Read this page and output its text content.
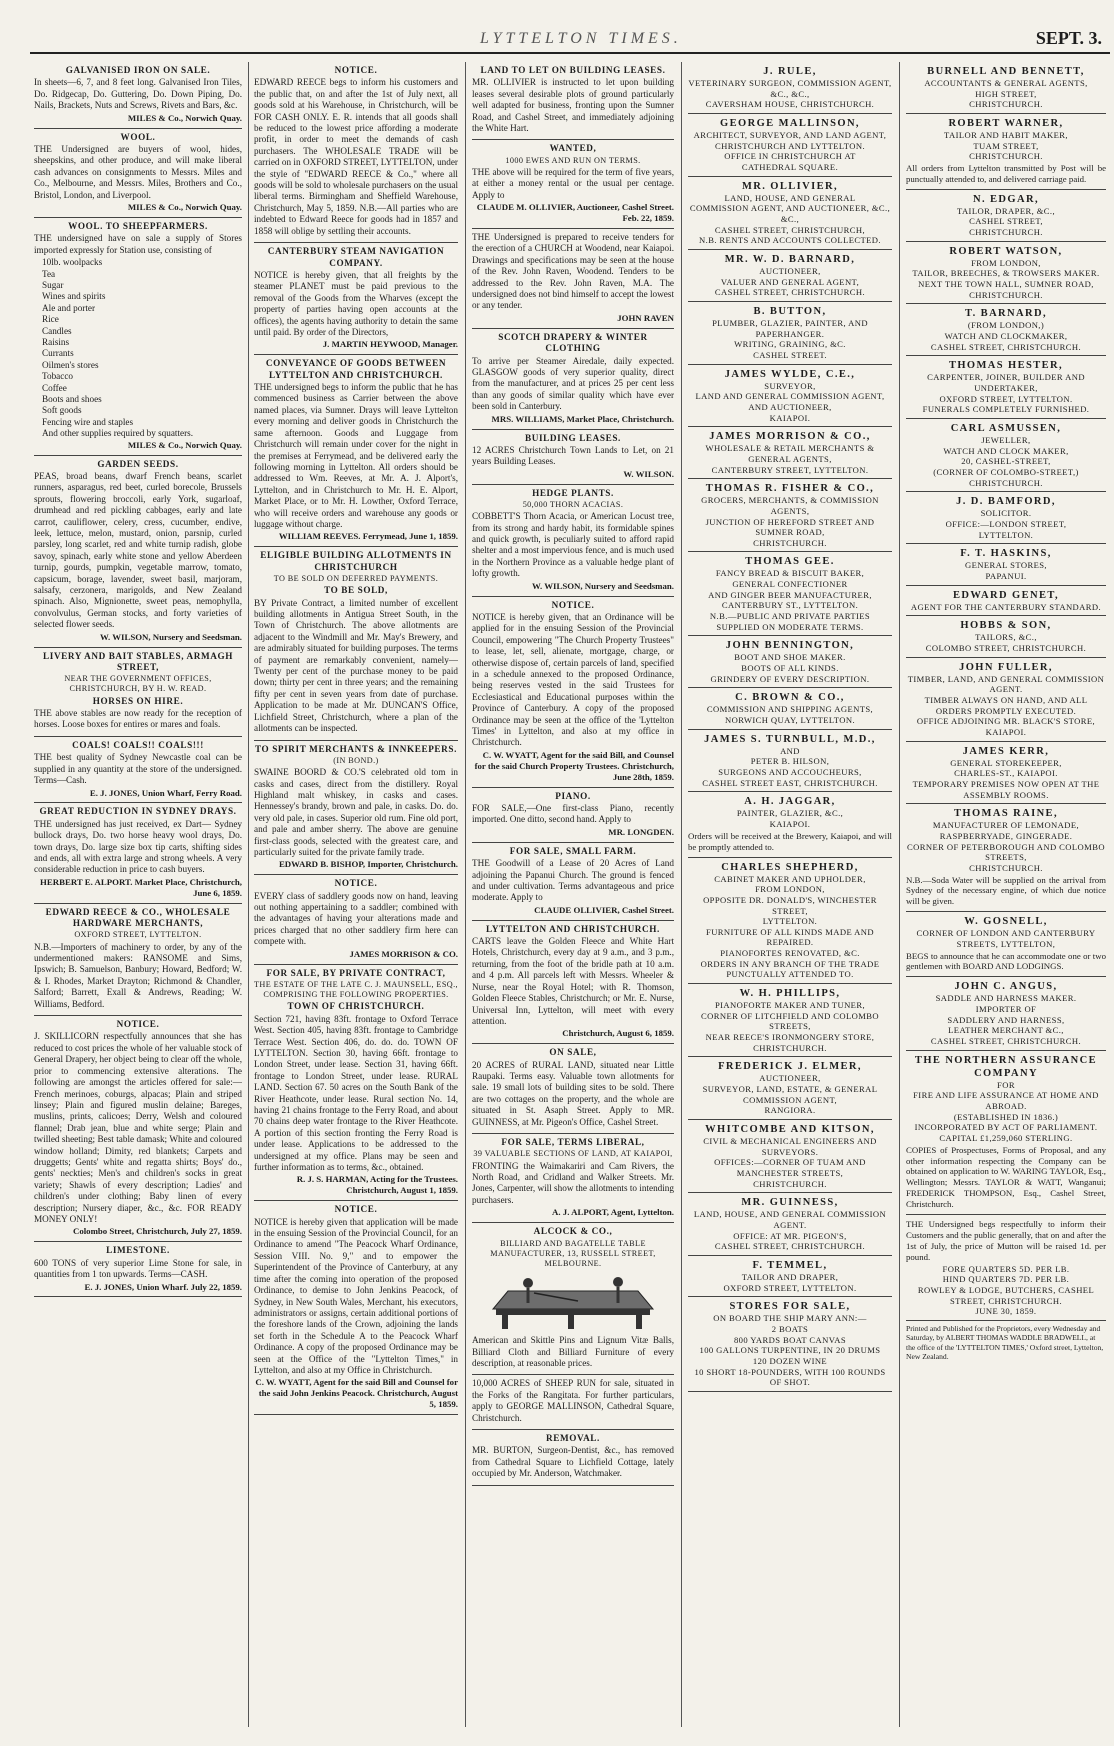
LYTTELTON TIMES.	SEPT. 3.
GALVANISED IRON ON SALE.
In sheets—6, 7, and 8 feet long. Galvanised Iron Tiles, Do. Ridgecap, Do. Guttering, Do. Down Piping, Do. Nails, Brackets, Nuts and Screws, Rivets and Bars, &c.
MILES & Co., Norwich Quay.
WOOL.
THE Undersigned are buyers of wool, hides, sheepskins, and other produce, and will make liberal cash advances on consignments to Messrs. Miles and Co., Melbourne, and Messrs. Miles, Brothers and Co., Bristol, London, and Liverpool.
MILES & Co., Norwich Quay.
WOOL. TO SHEEPFARMERS.
THE undersigned have on sale a supply of Stores imported expressly for Station use, consisting of
10lb. woolpacks
Tea
Sugar
Wines and spirits
Ale and porter
Rice
Candles
Raisins
Currants
Oilmen's stores
Tobacco
Coffee
Boots and shoes
Soft goods
Fencing wire and staples
And other supplies required by squatters.
MILES & Co., Norwich Quay.
GARDEN SEEDS.
PEAS, broad beans, dwarf French beans, scarlet runners, asparagus, red beet, curled borecole, Brussels sprouts, flowering broccoli, early York, sugarloaf, drumhead and red pickling cabbages, early and late carrot, cauliflower, celery, cress, cucumber, endive, leek, lettuce, melon, mustard, onion, parsnip, curled parsley, long scarlet, red and white turnip radish, globe savoy, spinach, early white stone and yellow Aberdeen turnip, gourds, pumpkin, vegetable marrow, tomato, capsicum, borage, lavender, sweet basil, marjoram, salsafy, cerzonera, marigolds, and New Zealand spinach. Also, Mignionette, sweet peas, nemophylla, convolvulus, German stocks, and forty varieties of selected flower seeds.
W. WILSON, Nursery and Seedsman.
LIVERY AND BAIT STABLES, ARMAGH STREET,
NEAR THE GOVERNMENT OFFICES, CHRISTCHURCH, BY H. W. READ.
HORSES ON HIRE.
THE above stables are now ready for the reception of horses. Loose boxes for entires or mares and foals.
COALS! COALS!! COALS!!!
THE best quality of Sydney Newcastle coal can be supplied in any quantity at the store of the undersigned. Terms—Cash.
E. J. JONES, Union Wharf, Ferry Road.
GREAT REDUCTION IN SYDNEY DRAYS.
THE undersigned has just received, ex Dart— Sydney bullock drays, Do. two horse heavy wool drays, Do. town drays, Do. large size box tip carts, shifting sides and ends, all with extra large and strong wheels. A very considerable reduction in price to cash buyers.
HERBERT E. ALPORT. Market Place, Christchurch, June 6, 1859.
EDWARD REECE & CO., WHOLESALE HARDWARE MERCHANTS,
OXFORD STREET, LYTTELTON.
N.B.—Importers of machinery to order, by any of the undermentioned makers: RANSOME and Sims, Ipswich; B. Samuelson, Banbury; Howard, Bedford; W. & I. Rhodes, Market Drayton; Richmond & Chandler, Salford; Barrett, Exall & Andrews, Reading; W. Williams, Bedford.
NOTICE.
J. SKILLICORN respectfully announces that she has reduced to cost prices the whole of her valuable stock of General Drapery, her object being to clear off the whole, prior to commencing extensive alterations. The following are amongst the articles offered for sale:— French merinoes, coburgs, alpacas; Plain and striped linsey; Plain and figured muslin delaine; Bareges, muslins, prints, calicoes; Derry, Welsh and coloured flannel; Drab jean, blue and white serge; Plain and twilled sheeting; Best table damask; White and coloured window holland; Dimity, red blankets; Carpets and druggetts; Gents' white and regatta shirts; Boys' do., gents' neckties; Men's and children's socks in great variety; Shawls of every description; Ladies' and children's under clothing; Baby linen of every description; Nursery diaper, &c., &c. FOR READY MONEY ONLY!
Colombo Street, Christchurch, July 27, 1859.
LIMESTONE.
600 TONS of very superior Lime Stone for sale, in quantities from 1 ton upwards. Terms—CASH.
E. J. JONES, Union Wharf. July 22, 1859.
NOTICE.
EDWARD REECE begs to inform his customers and the public that, on and after the 1st of July next, all goods sold at his Warehouse, in Christchurch, will be FOR CASH ONLY. E. R. intends that all goods shall be reduced to the lowest price affording a moderate profit, in order to meet the demands of cash purchasers. The WHOLESALE TRADE will be carried on in OXFORD STREET, LYTTELTON, under the style of "EDWARD REECE & Co.," where all goods will be sold to wholesale purchasers on the usual liberal terms. Birmingham and Sheffield Warehouse, Christchurch, May 5, 1859. N.B.—All parties who are indebted to Edward Reece for goods had in 1857 and 1858 will oblige by settling their accounts.
CANTERBURY STEAM NAVIGATION COMPANY.
NOTICE is hereby given, that all freights by the steamer PLANET must be paid previous to the removal of the Goods from the Wharves (except the property of parties having open accounts at the offices), the agents having authority to detain the same until paid. By order of the Directors,
J. MARTIN HEYWOOD, Manager.
CONVEYANCE OF GOODS BETWEEN LYTTELTON AND CHRISTCHURCH.
THE undersigned begs to inform the public that he has commenced business as Carrier between the above named places, via Sumner. Drays will leave Lyttelton every morning and deliver goods in Christchurch the same afternoon. Goods and Luggage from Christchurch will remain under cover for the night in the premises at Ferrymead, and be delivered early the following morning in Lyttelton. All orders should be addressed to Wm. Reeves, at Mr. A. J. Alport's, Lyttelton, and in Christchurch to Mr. H. E. Alport, Market Place, or to Mr. H. Lowther, Oxford Terrace, who will receive orders and warehouse any goods or luggage without charge.
WILLIAM REEVES. Ferrymead, June 1, 1859.
ELIGIBLE BUILDING ALLOTMENTS IN CHRISTCHURCH
TO BE SOLD ON DEFERRED PAYMENTS.
TO BE SOLD,
BY Private Contract, a limited number of excellent building allotments in Antigua Street South, in the Town of Christchurch. The above allotments are adjacent to the Windmill and Mr. May's Brewery, and are admirably situated for building purposes. The terms of payment are remarkably convenient, namely—Twenty per cent of the purchase money to be paid down; thirty per cent in three years; and the remaining fifty per cent in seven years from date of purchase. Application to be made at Mr. DUNCAN'S Office, Lichfield Street, Christchurch, where a plan of the allotments can be inspected.
TO SPIRIT MERCHANTS & INNKEEPERS.
(IN BOND.)
SWAINE BOORD & CO.'S celebrated old tom in casks and cases, direct from the distillery. Royal Highland malt whiskey, in casks and cases. Hennessey's brandy, brown and pale, in casks. Do. do. very old pale, in cases. Superior old rum. Fine old port, and pale and amber sherry. The above are genuine first-class goods, selected with the greatest care, and particularly suited for the private family trade.
EDWARD B. BISHOP, Importer, Christchurch.
NOTICE.
EVERY class of saddlery goods now on hand, leaving out nothing appertaining to a saddler; combined with the advantages of having your alterations made and prices charged that no other saddlery firm here can compete with.
JAMES MORRISON & CO.
FOR SALE, BY PRIVATE CONTRACT,
THE ESTATE OF THE LATE C. J. MAUNSELL, ESQ., COMPRISING THE FOLLOWING PROPERTIES.
TOWN OF CHRISTCHURCH.
Section 721, having 83ft. frontage to Oxford Terrace West. Section 405, having 83ft. frontage to Cambridge Terrace West. Section 406, do. do. do. TOWN OF LYTTELTON. Section 30, having 66ft. frontage to London Street, under lease. Section 31, having 66ft. frontage to London Street, under lease. RURAL LAND. Section 67. 50 acres on the South Bank of the River Heathcote, under lease. Rural section No. 14, having 21 chains frontage to the Ferry Road, and about 70 chains deep water frontage to the River Heathcote. A portion of this section fronting the Ferry Road is under lease. Applications to be addressed to the undersigned at my office. Plans may be seen and further information as to terms, &c., obtained.
R. J. S. HARMAN, Acting for the Trustees. Christchurch, August 1, 1859.
NOTICE.
NOTICE is hereby given that application will be made in the ensuing Session of the Provincial Council, for an Ordinance to amend "The Peacock Wharf Ordinance, Session VIII. No. 9," and to empower the Superintendent of the Province of Canterbury, at any time after the coming into operation of the proposed Ordinance, to demise to John Jenkins Peacock, of Sydney, in New South Wales, Merchant, his executors, administrators or assigns, certain additional portions of the foreshore lands of the Crown, adjoining the lands set forth in the Schedule A to the Peacock Wharf Ordinance. A copy of the proposed Ordinance may be seen at the Office of the "Lyttelton Times," in Lyttelton, and also at my Office in Christchurch.
C. W. WYATT, Agent for the said Bill and Counsel for the said John Jenkins Peacock. Christchurch, August 5, 1859.
LAND TO LET ON BUILDING LEASES.
MR. OLLIVIER is instructed to let upon building leases several desirable plots of ground particularly well adapted for business, fronting upon the Sumner Road, and Cashel Street, and immediately adjoining the White Hart.
WANTED,
1000 EWES AND RUN ON TERMS.
THE above will be required for the term of five years, at either a money rental or the usual per centage. Apply to
CLAUDE M. OLLIVIER, Auctioneer, Cashel Street. Feb. 22, 1859.
THE Undersigned is prepared to receive tenders for the erection of a CHURCH at Woodend, near Kaiapoi. Drawings and specifications may be seen at the house of the Rev. John Raven, Woodend. Tenders to be addressed to the Rev. John Raven, M.A. The undersigned does not bind himself to accept the lowest or any tender.
JOHN RAVEN
SCOTCH DRAPERY & WINTER CLOTHING
To arrive per Steamer Airedale, daily expected. GLASGOW goods of very superior quality, direct from the manufacturer, and at prices 25 per cent less than any goods of similar quality which have ever been sold in Canterbury.
MRS. WILLIAMS, Market Place, Christchurch.
BUILDING LEASES.
12 ACRES Christchurch Town Lands to Let, on 21 years Building Leases.
W. WILSON.
HEDGE PLANTS.
50,000 THORN ACACIAS.
COBBETT'S Thorn Acacia, or American Locust tree, from its strong and hardy habit, its formidable spines and quick growth, is peculiarly suited to afford rapid shelter and a most impervious fence, and is much used in the Northern Province as a valuable hedge plant of lofty growth.
W. WILSON, Nursery and Seedsman.
NOTICE.
NOTICE is hereby given, that an Ordinance will be applied for in the ensuing Session of the Provincial Council, empowering "The Church Property Trustees" to lease, let, sell, alienate, mortgage, charge, or otherwise dispose of, certain parcels of land, specified in a schedule annexed to the proposed Ordinance, being reserves vested in the said Trustees for Ecclesiastical and Educational purposes within the Province of Canterbury. A copy of the proposed Ordinance may be seen at the office of the 'Lyttelton Times' in Lyttelton, and also at my office in Christchurch.
C. W. WYATT, Agent for the said Bill, and Counsel for the said Church Property Trustees. Christchurch, June 28th, 1859.
PIANO.
FOR SALE,—One first-class Piano, recently imported. One ditto, second hand. Apply to
MR. LONGDEN.
FOR SALE, SMALL FARM.
THE Goodwill of a Lease of 20 Acres of Land adjoining the Papanui Church. The ground is fenced and under cultivation. Terms advantageous and price moderate. Apply to
CLAUDE OLLIVIER, Cashel Street.
LYTTELTON AND CHRISTCHURCH.
CARTS leave the Golden Fleece and White Hart Hotels, Christchurch, every day at 9 a.m., and 3 p.m., returning, from the foot of the bridle path at 10 a.m. and 4 p.m. All parcels left with Messrs. Wheeler & Nurse, near the Royal Hotel; with R. Thomson, Golden Fleece Stables, Christchurch; or Mr. E. Nurse, Universal Inn, Lyttelton, will meet with every attention.
Christchurch, August 6, 1859.
ON SALE,
20 ACRES of RURAL LAND, situated near Little Raupaki. Terms easy. Valuable town allotments for sale. 19 small lots of building sites to be sold. There are two cottages on the property, and the whole are situated in St. Asaph Street. Apply to MR. GUINNESS, at Mr. Pigeon's Office, Cashel Street.
FOR SALE, TERMS LIBERAL,
39 VALUABLE SECTIONS OF LAND, AT KAIAPOI,
FRONTING the Waimakariri and Cam Rivers, the North Road, and Cridland and Walker Streets. Mr. Jones, Carpenter, will show the allotments to intending purchasers.
A. J. ALPORT, Agent, Lyttelton.
ALCOCK & CO.,
BILLIARD AND BAGATELLE TABLE MANUFACTURER, 13, RUSSELL STREET, MELBOURNE.
American and Skittle Pins and Lignum Vitæ Balls, Billiard Cloth and Billiard Furniture of every description, at reasonable prices.
10,000 ACRES of SHEEP RUN for sale, situated in the Forks of the Rangitata. For further particulars, apply to GEORGE MALLINSON, Cathedral Square, Christchurch.
REMOVAL.
MR. BURTON, Surgeon-Dentist, &c., has removed from Cathedral Square to Lichfield Cottage, lately occupied by Mr. Anderson, Watchmaker.
J. RULE,
VETERINARY SURGEON, COMMISSION AGENT, &C., &C.,
CAVERSHAM HOUSE, CHRISTCHURCH.
GEORGE MALLINSON,
ARCHITECT, SURVEYOR, AND LAND AGENT,
CHRISTCHURCH AND LYTTELTON.
OFFICE IN CHRISTCHURCH AT
CATHEDRAL SQUARE.
MR. OLLIVIER,
LAND, HOUSE, AND GENERAL
COMMISSION AGENT, AND AUCTIONEER, &C., &C.,
CASHEL STREET, CHRISTCHURCH,
N.B. RENTS AND ACCOUNTS COLLECTED.
MR. W. D. BARNARD,
AUCTIONEER,
VALUER AND GENERAL AGENT,
CASHEL STREET, CHRISTCHURCH.
B. BUTTON,
PLUMBER, GLAZIER, PAINTER, AND PAPERHANGER.
WRITING, GRAINING, &C.
CASHEL STREET.
JAMES WYLDE, C.E.,
SURVEYOR,
LAND AND GENERAL COMMISSION AGENT,
AND AUCTIONEER,
KAIAPOI.
JAMES MORRISON & CO.,
WHOLESALE & RETAIL MERCHANTS & GENERAL AGENTS,
CANTERBURY STREET, LYTTELTON.
THOMAS R. FISHER & CO.,
GROCERS, MERCHANTS, & COMMISSION AGENTS,
JUNCTION OF HEREFORD STREET AND SUMNER ROAD,
CHRISTCHURCH.
THOMAS GEE.
FANCY BREAD & BISCUIT BAKER,
GENERAL CONFECTIONER
AND GINGER BEER MANUFACTURER,
CANTERBURY ST., LYTTELTON.
N.B.—PUBLIC AND PRIVATE PARTIES SUPPLIED ON MODERATE TERMS.
JOHN BENNINGTON,
BOOT AND SHOE MAKER.
BOOTS OF ALL KINDS.
GRINDERY OF EVERY DESCRIPTION.
C. BROWN & CO.,
COMMISSION AND SHIPPING AGENTS,
NORWICH QUAY, LYTTELTON.
JAMES S. TURNBULL, M.D.,
AND
PETER B. HILSON,
SURGEONS AND ACCOUCHEURS,
CASHEL STREET EAST, CHRISTCHURCH.
A. H. JAGGAR,
PAINTER, GLAZIER, &C.,
KAIAPOI.
Orders will be received at the Brewery, Kaiapoi, and will be promptly attended to.
CHARLES SHEPHERD,
CABINET MAKER AND UPHOLDER,
FROM LONDON,
OPPOSITE DR. DONALD'S, WINCHESTER STREET,
LYTTELTON.
FURNITURE OF ALL KINDS MADE AND REPAIRED.
PIANOFORTES RENOVATED, &C.
ORDERS IN ANY BRANCH OF THE TRADE PUNCTUALLY ATTENDED TO.
W. H. PHILLIPS,
PIANOFORTE MAKER AND TUNER,
CORNER OF LITCHFIELD AND COLOMBO STREETS,
NEAR REECE'S IRONMONGERY STORE,
CHRISTCHURCH.
FREDERICK J. ELMER,
AUCTIONEER,
SURVEYOR, LAND, ESTATE, & GENERAL COMMISSION AGENT,
RANGIORA.
WHITCOMBE AND KITSON,
CIVIL & MECHANICAL ENGINEERS AND SURVEYORS.
OFFICES:—CORNER OF TUAM AND MANCHESTER STREETS,
CHRISTCHURCH.
MR. GUINNESS,
LAND, HOUSE, AND GENERAL COMMISSION AGENT.
OFFICE: AT MR. PIGEON'S,
CASHEL STREET, CHRISTCHURCH.
F. TEMMEL,
TAILOR AND DRAPER,
OXFORD STREET, LYTTELTON.
STORES FOR SALE,
ON BOARD THE SHIP MARY ANN:—
2 BOATS
800 YARDS BOAT CANVAS
100 GALLONS TURPENTINE, IN 20 DRUMS
120 DOZEN WINE
10 SHORT 18-POUNDERS, WITH 100 ROUNDS OF SHOT.
BURNELL AND BENNETT,
ACCOUNTANTS & GENERAL AGENTS,
HIGH STREET,
CHRISTCHURCH.
ROBERT WARNER,
TAILOR AND HABIT MAKER,
TUAM STREET,
CHRISTCHURCH.
All orders from Lyttelton transmitted by Post will be punctually attended to, and delivered carriage paid.
N. EDGAR,
TAILOR, DRAPER, &C.,
CASHEL STREET,
CHRISTCHURCH.
ROBERT WATSON,
FROM LONDON,
TAILOR, BREECHES, & TROWSERS MAKER.
NEXT THE TOWN HALL, SUMNER ROAD,
CHRISTCHURCH.
T. BARNARD,
(FROM LONDON,)
WATCH AND CLOCKMAKER,
CASHEL STREET, CHRISTCHURCH.
THOMAS HESTER,
CARPENTER, JOINER, BUILDER AND UNDERTAKER,
OXFORD STREET, LYTTELTON.
FUNERALS COMPLETELY FURNISHED.
CARL ASMUSSEN,
JEWELLER,
WATCH AND CLOCK MAKER,
20, CASHEL-STREET,
(CORNER OF COLOMBO-STREET,)
CHRISTCHURCH.
J. D. BAMFORD,
SOLICITOR.
OFFICE:—LONDON STREET,
LYTTELTON.
F. T. HASKINS,
GENERAL STORES,
PAPANUI.
EDWARD GENET,
AGENT FOR THE CANTERBURY STANDARD.
HOBBS & SON,
TAILORS, &C.,
COLOMBO STREET, CHRISTCHURCH.
JOHN FULLER,
TIMBER, LAND, AND GENERAL COMMISSION AGENT.
TIMBER ALWAYS ON HAND, AND ALL ORDERS PROMPTLY EXECUTED.
OFFICE ADJOINING MR. BLACK'S STORE, KAIAPOI.
JAMES KERR,
GENERAL STOREKEEPER,
CHARLES-ST., KAIAPOI.
TEMPORARY PREMISES NOW OPEN AT THE ASSEMBLY ROOMS.
THOMAS RAINE,
MANUFACTURER OF LEMONADE, RASPBERRYADE, GINGERADE.
CORNER OF PETERBOROUGH AND COLOMBO STREETS,
CHRISTCHURCH.
N.B.—Soda Water will be supplied on the arrival from Sydney of the necessary engine, of which due notice will be given.
W. GOSNELL,
CORNER OF LONDON AND CANTERBURY STREETS, LYTTELTON,
BEGS to announce that he can accommodate one or two gentlemen with BOARD AND LODGINGS.
JOHN C. ANGUS,
SADDLE AND HARNESS MAKER.
IMPORTER OF
SADDLERY AND HARNESS,
LEATHER MERCHANT &C.,
CASHEL STREET, CHRISTCHURCH.
THE NORTHERN ASSURANCE COMPANY
FOR
FIRE AND LIFE ASSURANCE AT HOME AND ABROAD.
(ESTABLISHED IN 1836.)
INCORPORATED BY ACT OF PARLIAMENT.
CAPITAL £1,259,060 STERLING.
COPIES of Prospectuses, Forms of Proposal, and any other information respecting the Company can be obtained on application to W. WARING TAYLOR, Esq., Wellington; Messrs. TAYLOR & WATT, Wanganui; FREDERICK THOMPSON, Esq., Cashel Street, Christchurch.
THE Undersigned begs respectfully to inform their Customers and the public generally, that on and after the 1st of July, the price of Mutton will be raised 1d. per pound.
FORE QUARTERS 5D. PER LB.
HIND QUARTERS 7D. PER LB.
ROWLEY & LODGE, BUTCHERS, CASHEL STREET, CHRISTCHURCH.
JUNE 30, 1859.
Printed and Published for the Proprietors, every Wednesday and Saturday, by ALBERT THOMAS WADDLE BRADWELL, at the office of the 'LYTTELTON TIMES,' Oxford street, Lyttelton, New Zealand.
